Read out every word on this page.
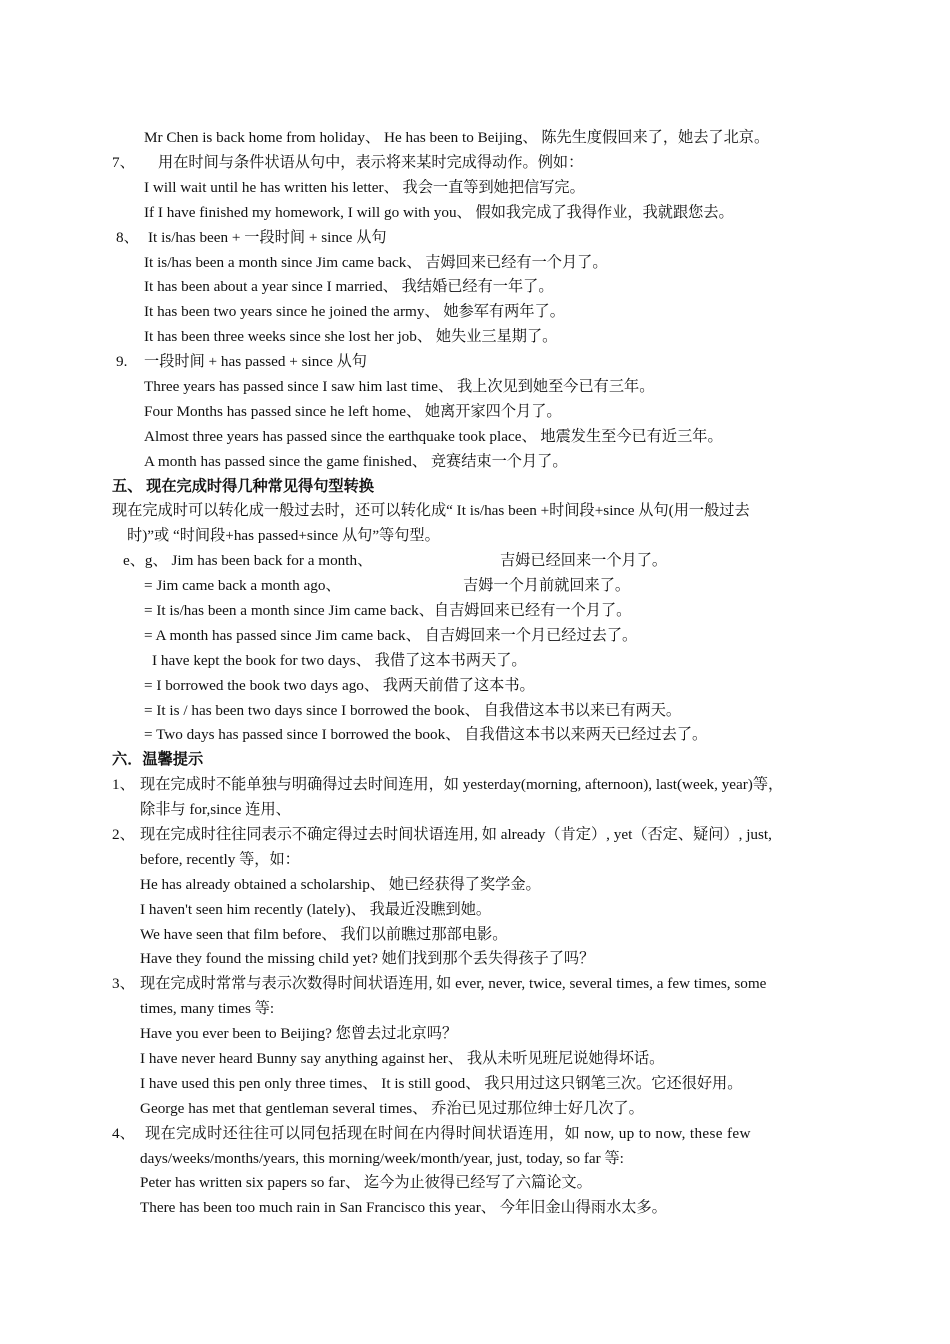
Mr Chen is back home from holiday、 He has been to Beijing、 陈先生度假回来了，她去了北京。
7、 用在时间与条件状语从句中，表示将来某时完成得动作。例如：
I will wait until he has written his letter、 我会一直等到她把信写完。
If I have finished my homework, I will go with you、 假如我完成了我得作业，我就跟您去。
8、 It is/has been + 一段时间 + since 从句
It is/has been a month since Jim came back、 吉姆回来已经有一个月了。
It has been about a year since I married、 我结婚已经有一年了。
It has been two years since he joined the army、 她参军有两年了。
It has been three weeks since she lost her job、 她失业三星期了。
9. 一段时间 + has passed + since 从句
Three years has passed since I saw him last time、 我上次见到她至今已有三年。
Four Months has passed since he left home、 她离开家四个月了。
Almost three years has passed since the earthquake took place、 地震发生至今已有近三年。
A month has passed since the game finished、 竞赛结束一个月了。
五、 现在完成时得几种常见得句型转换
现在完成时可以转化成一般过去时，还可以转化成“ It is/has been +时间段+since 从句(用一般过去
时)”或 “时间段+has passed+since 从句”等句型。
e、g、 Jim has been back for a month、	吉姆已经回来一个月了。
= Jim came back a month ago、	吉姆一个月前就回来了。
= It is/has been a month since Jim came back、自吉姆回来已经有一个月了。
= A month has passed since Jim came back、 自吉姆回来一个月已经过去了。
I have kept the book for two days、 我借了这本书两天了。
= I borrowed the book two days ago、 我两天前借了这本书。
= It is / has been two days since I borrowed the book、 自我借这本书以来已有两天。
= Two days has passed since I borrowed the book、 自我借这本书以来两天已经过去了。
六．温馨提示
1、 现在完成时不能单独与明确得过去时间连用，如 yesterday(morning, afternoon), last(week, year)等，
除非与 for,since 连用、
2、 现在完成时往往同表示不确定得过去时间状语连用, 如 already（肯定）, yet（否定、疑问）, just,
before, recently 等，如：
He has already obtained a scholarship、 她已经获得了奖学金。
I haven't seen him recently (lately)、 我最近没瞧到她。
We have seen that film before、 我们以前瞧过那部电影。
Have they found the missing child yet? 她们找到那个丢失得孩子了吗？
3、 现在完成时常常与表示次数得时间状语连用, 如 ever, never, twice, several times, a few times, some
times, many times 等:
Have you ever been to Beijing? 您曾去过北京吗？
I have never heard Bunny say anything against her、 我从未听见班尼说她得坏话。
I have used this pen only three times、 It is still good、 我只用过这只钢笔三次。它还很好用。
George has met that gentleman several times、 乔治已见过那位绅士好几次了。
4、 现在完成时还往往可以同包括现在时间在内得时间状语连用，如 now, up to now, these few
days/weeks/months/years, this morning/week/month/year, just, today, so far 等:
Peter has written six papers so far、 迄今为止彼得已经写了六篇论文。
There has been too much rain in San Francisco this year、 今年旧金山得雨水太多。
